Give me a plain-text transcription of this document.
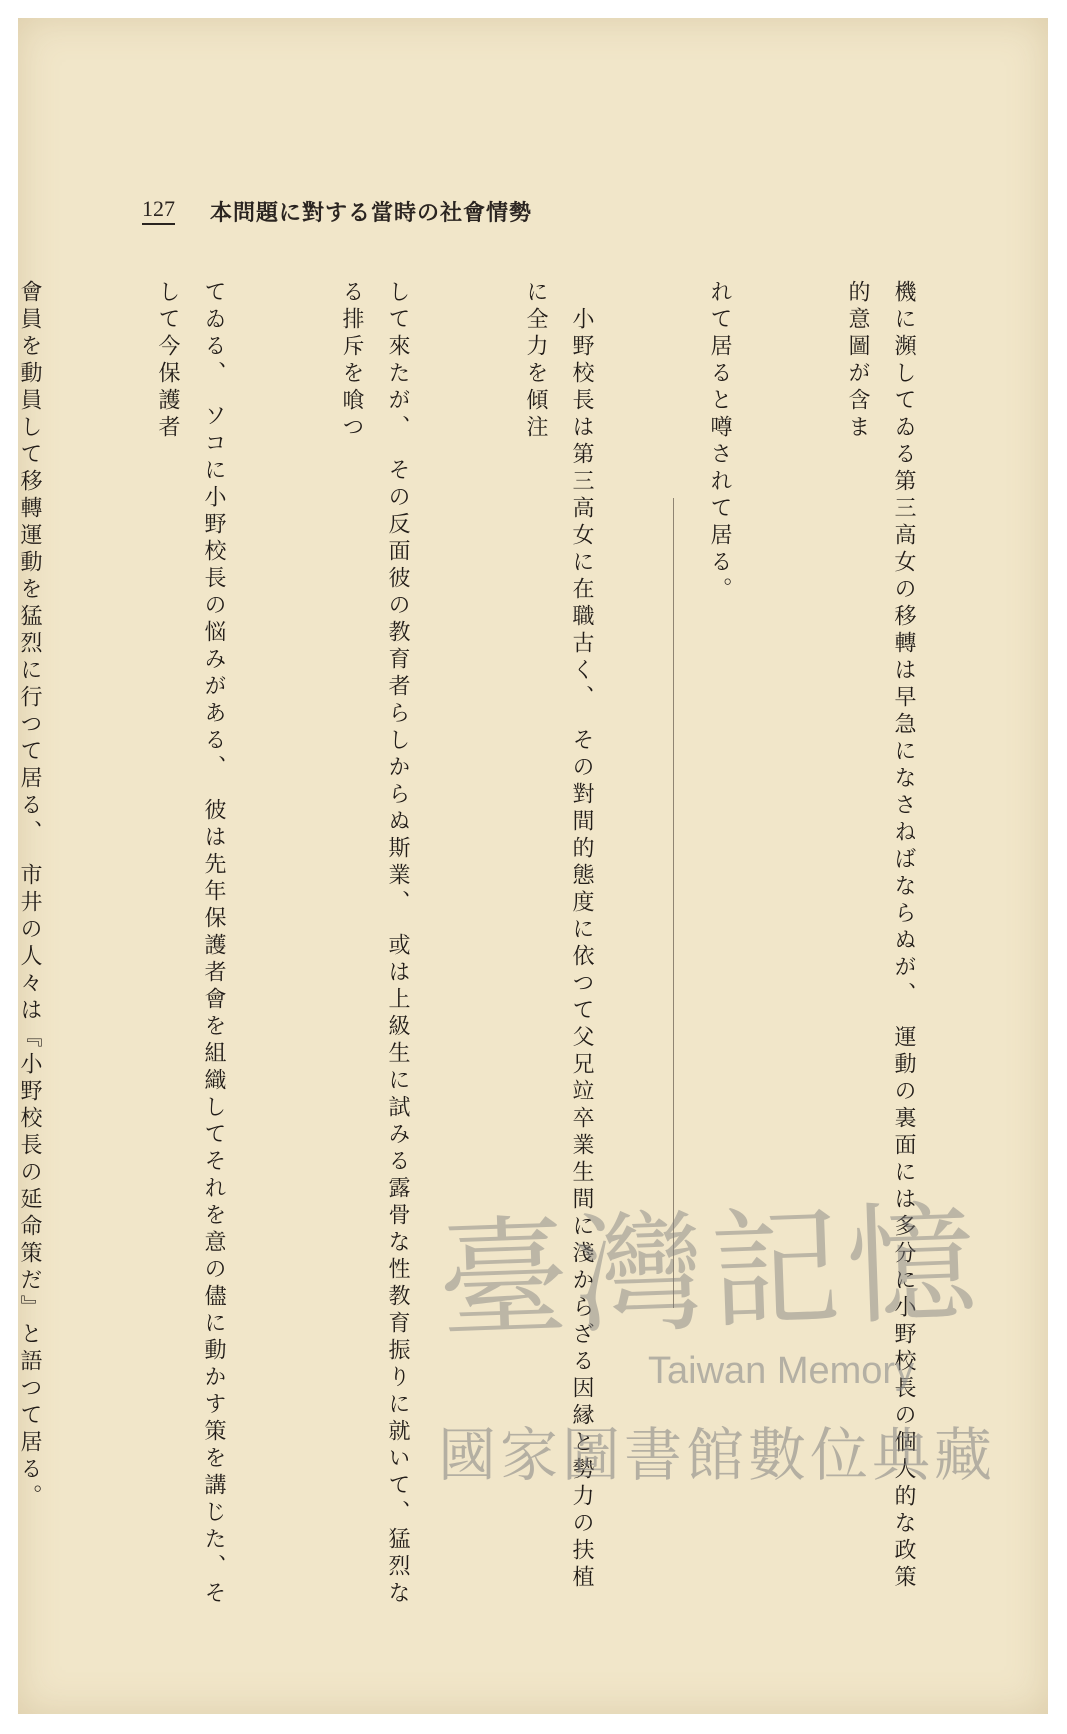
127 本問題に對する當時の社會情勢

機に瀕してゐる第三高女の移轉は早急になさねばならぬが、　運動の裏面には多分に小野校長の個人的な政策的意圖が含ま

れて居ると噂されて居る。

　小野校長は第三高女に在職古く、　その對間的態度に依つて父兄竝卒業生間に淺からざる因縁と勢力の扶植に全力を傾注

して來たが、　その反面彼の教育者らしからぬ斯業、　或は上級生に試みる露骨な性教育振りに就いて、猛烈なる排斥を喰つ

てゐる、　ソコに小野校長の悩みがある、　彼は先年保護者會を組織してそれを意の儘に動かす策を講じた、そして今保護者

會員を動員して移轉運動を猛烈に行つて居る、　市井の人々は『小野校長の延命策だ』と語つて居る。

	臺灣記憶
Taiwan Memory
國家圖書館數位典藏
